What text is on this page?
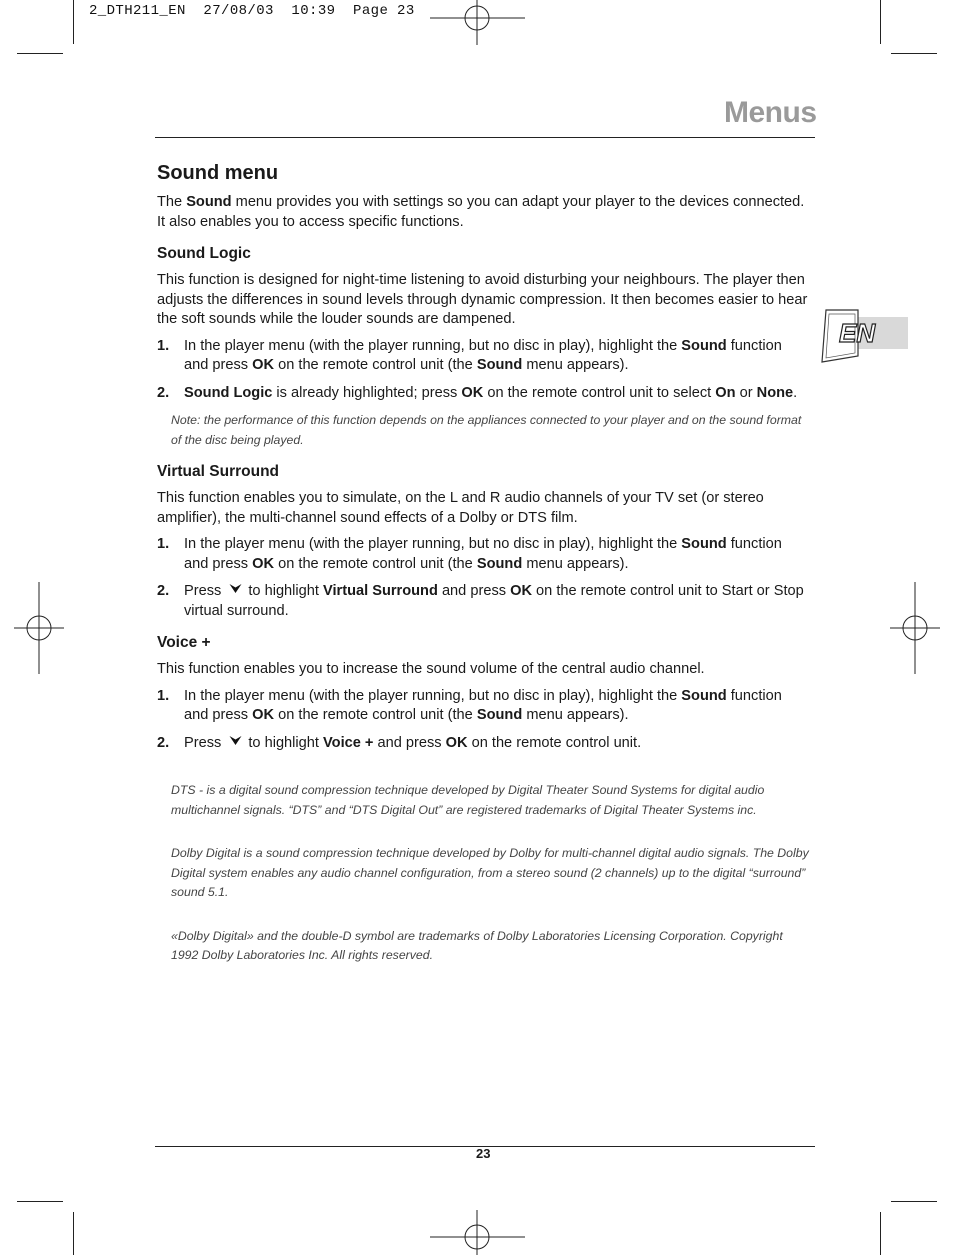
2_DTH211_EN  27/08/03  10:39  Page 23
Menus
EN
Sound menu

The Sound menu provides you with settings so you can adapt your player to the devices connected. It also enables you to access specific functions.

Sound Logic

This function is designed for night-time listening to avoid disturbing your neighbours. The player then adjusts the differences in sound levels through dynamic compression. It then becomes easier to hear the soft sounds while the louder sounds are dampened.

1. In the player menu (with the player running, but no disc in play), highlight the Sound function and press OK on the remote control unit (the Sound menu appears).
2. Sound Logic is already highlighted; press OK on the remote control unit to select On or None.

Note: the performance of this function depends on the appliances connected to your player and on the sound format of the disc being played.

Virtual Surround

This function enables you to simulate, on the L and R audio channels of your TV set (or stereo amplifier), the multi-channel sound effects of a Dolby or DTS film.

1. In the player menu (with the player running, but no disc in play), highlight the Sound function and press OK on the remote control unit (the Sound menu appears).
2. Press to highlight Virtual Surround and press OK on the remote control unit to Start or Stop virtual surround.
Voice +

This function enables you to increase the sound volume of the central audio channel.

1. In the player menu (with the player running, but no disc in play), highlight the Sound function and press OK on the remote control unit (the Sound menu appears).
2. Press to highlight Voice + and press OK on the remote control unit.

DTS - is a digital sound compression technique developed by Digital Theater Sound Systems for digital audio multichannel signals. “DTS” and “DTS Digital Out” are registered trademarks of Digital Theater Systems inc.

Dolby Digital is a sound compression technique developed by Dolby for multi-channel digital audio signals. The Dolby Digital system enables any audio channel configuration, from a stereo sound (2 channels) up to the digital “surround” sound 5.1.

«Dolby Digital» and the double-D symbol are trademarks of Dolby Laboratories Licensing Corporation. Copyright 1992 Dolby Laboratories Inc. All rights reserved.

23
